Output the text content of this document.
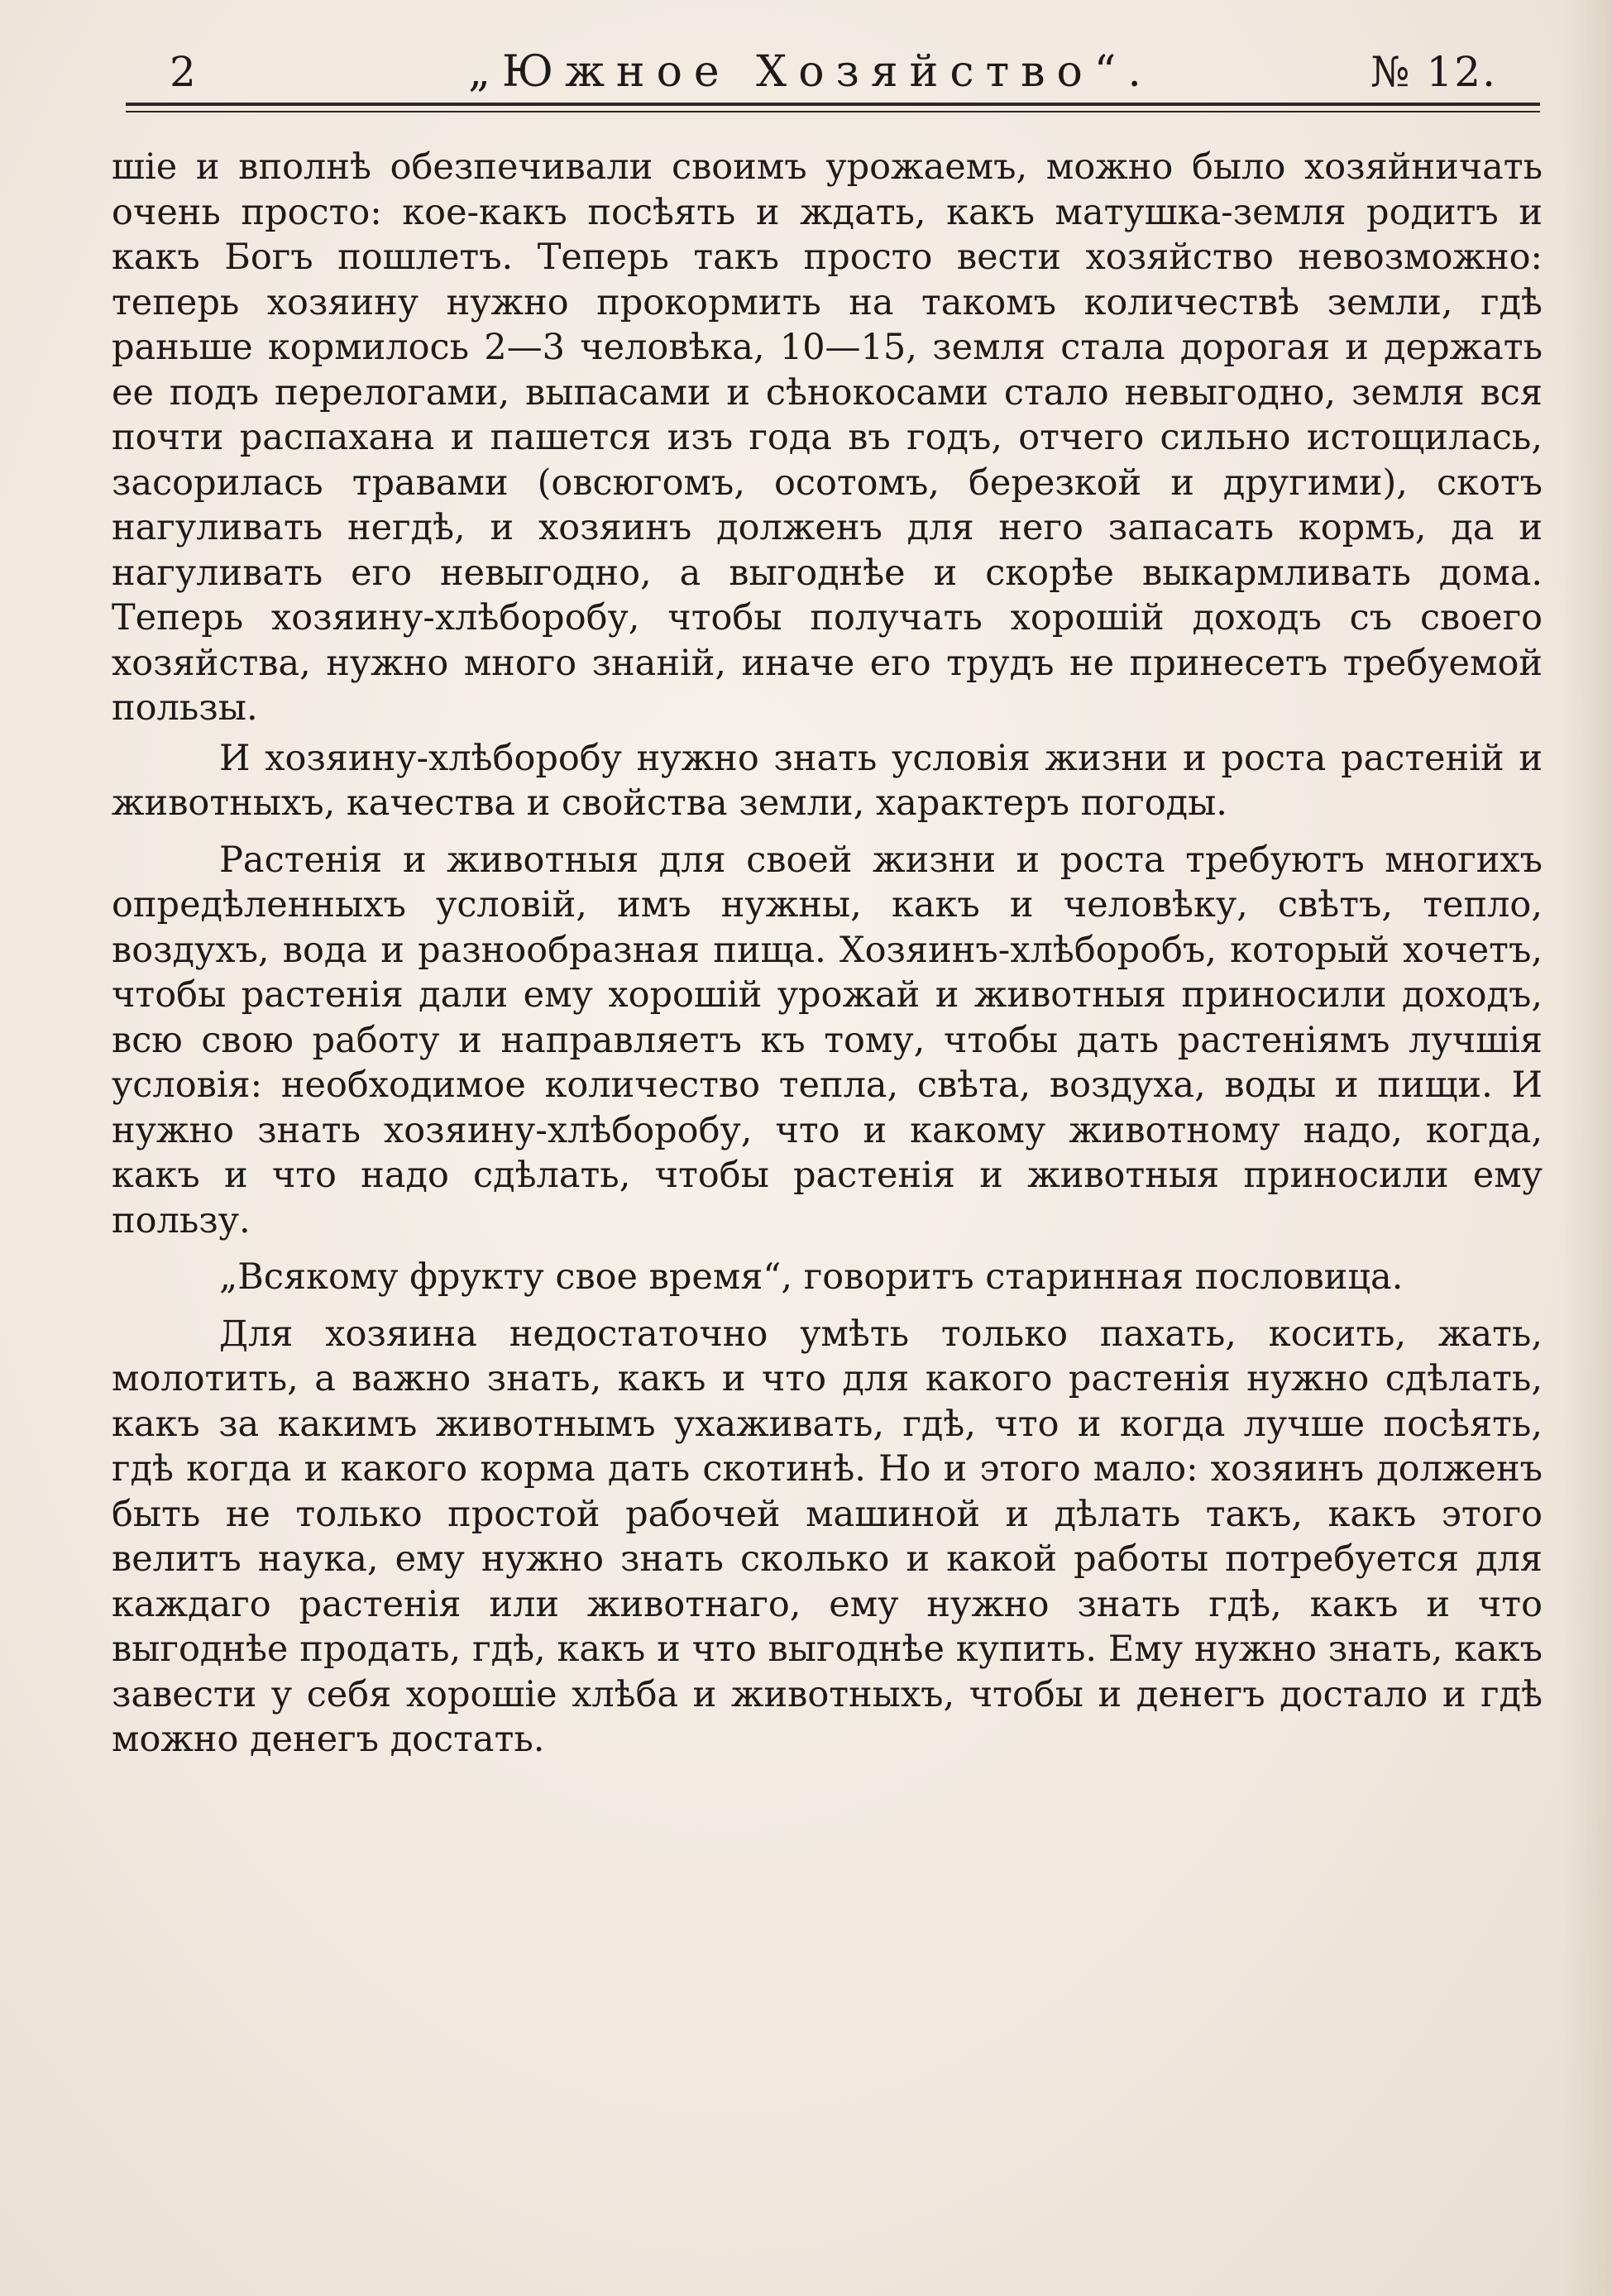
2	„Южное Хозяйство“.	№ 12.

шіе и вполнѣ обезпечивали своимъ урожаемъ, можно было хозяйничать очень просто: кое-какъ посѣять и ждать, какъ матушка-земля родитъ и какъ Богъ пошлетъ. Теперь такъ просто вести хозяйство невозможно: теперь хозяину нужно прокормить на такомъ количествѣ земли, гдѣ раньше кормилось 2—3 человѣка, 10—15, земля стала дорогая и держать ее подъ перелогами, выпасами и сѣнокосами стало невыгодно, земля вся почти распахана и пашется изъ года въ годъ, отчего сильно истощилась, засорилась травами (овсюгомъ, осотомъ, березкой и другими), скотъ нагуливать негдѣ, и хозяинъ долженъ для него запасать кормъ, да и нагуливать его невыгодно, а выгоднѣе и скорѣе выкармливать дома. Теперь хозяину-хлѣборобу, чтобы получать хорошій доходъ съ своего хозяйства, нужно много знаній, иначе его трудъ не принесетъ требуемой пользы.

И хозяину-хлѣборобу нужно знать условія жизни и роста растеній и животныхъ, качества и свойства земли, характеръ погоды.

Растенія и животныя для своей жизни и роста требуютъ многихъ опредѣленныхъ условій, имъ нужны, какъ и человѣку, свѣтъ, тепло, воздухъ, вода и разнообразная пища. Хозяинъ-хлѣборобъ, который хочетъ, чтобы растенія дали ему хорошій урожай и животныя приносили доходъ, всю свою работу и направляетъ къ тому, чтобы дать растеніямъ лучшія условія: необходимое количество тепла, свѣта, воздуха, воды и пищи. И нужно знать хозяину-хлѣборобу, что и какому животному надо, когда, какъ и что надо сдѣлать, чтобы растенія и животныя приносили ему пользу.

„Всякому фрукту свое время“, говоритъ старинная пословица.

Для хозяина недостаточно умѣть только пахать, косить, жать, молотить, а важно знать, какъ и что для какого растенія нужно сдѣлать, какъ за какимъ животнымъ ухаживать, гдѣ, что и когда лучше посѣять, гдѣ когда и какого корма дать скотинѣ. Но и этого мало: хозяинъ долженъ быть не только простой рабочей машиной и дѣлать такъ, какъ этого велитъ наука, ему нужно знать сколько и какой работы потребуется для каждаго растенія или животнаго, ему нужно знать гдѣ, какъ и что выгоднѣе продать, гдѣ, какъ и что выгоднѣе купить. Ему нужно знать, какъ завести у себя хорошіе хлѣба и животныхъ, чтобы и денегъ достало и гдѣ можно денегъ достать.
